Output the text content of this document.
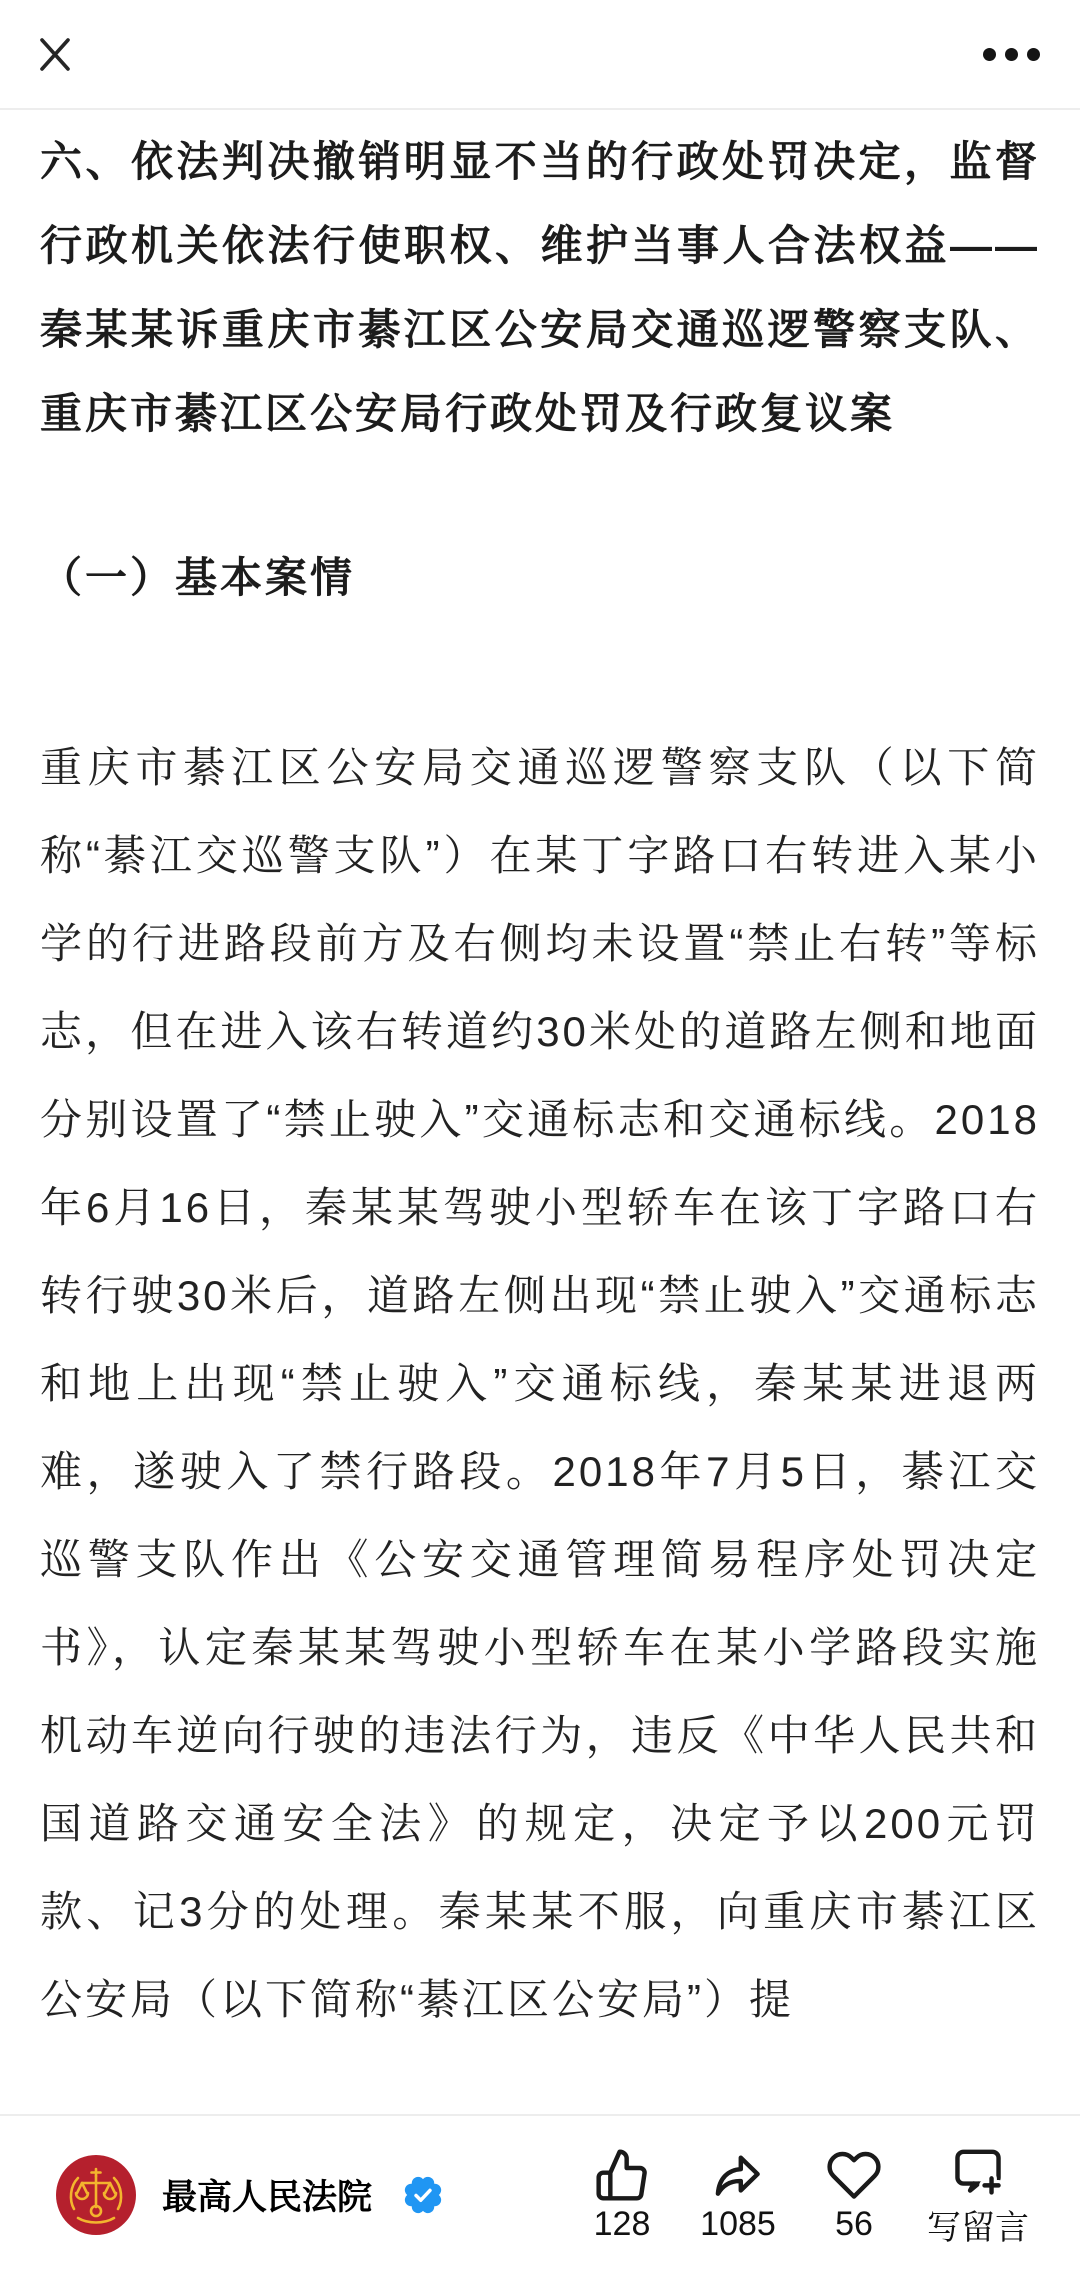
六、依法判决撤销明显不当的行政处罚决定，监督行政机关依法行使职权、维护当事人合法权益——秦某某诉重庆市綦江区公安局交通巡逻警察支队、重庆市綦江区公安局行政处罚及行政复议案
（一）基本案情

重庆市綦江区公安局交通巡逻警察支队（以下简称“綦江交巡警支队”）在某丁字路口右转进入某小学的行进路段前方及右侧均未设置“禁止右转”等标志，但在进入该右转道约30米处的道路左侧和地面分别设置了“禁止驶入”交通标志和交通标线。2018年6月16日，秦某某驾驶小型轿车在该丁字路口右转行驶30米后，道路左侧出现“禁止驶入”交通标志和地上出现“禁止驶入”交通标线，秦某某进退两难，遂驶入了禁行路段。2018年7月5日，綦江交巡警支队作出《公安交通管理简易程序处罚决定书》，认定秦某某驾驶小型轿车在某小学路段实施机动车逆向行驶的违法行为，违反《中华人民共和国道路交通安全法》的规定，决定予以200元罚款、记3分的处理。秦某某不服，向重庆市綦江区公安局（以下简称“綦江区公安局”）提

最高人民法院
128 1085 56 写留言
